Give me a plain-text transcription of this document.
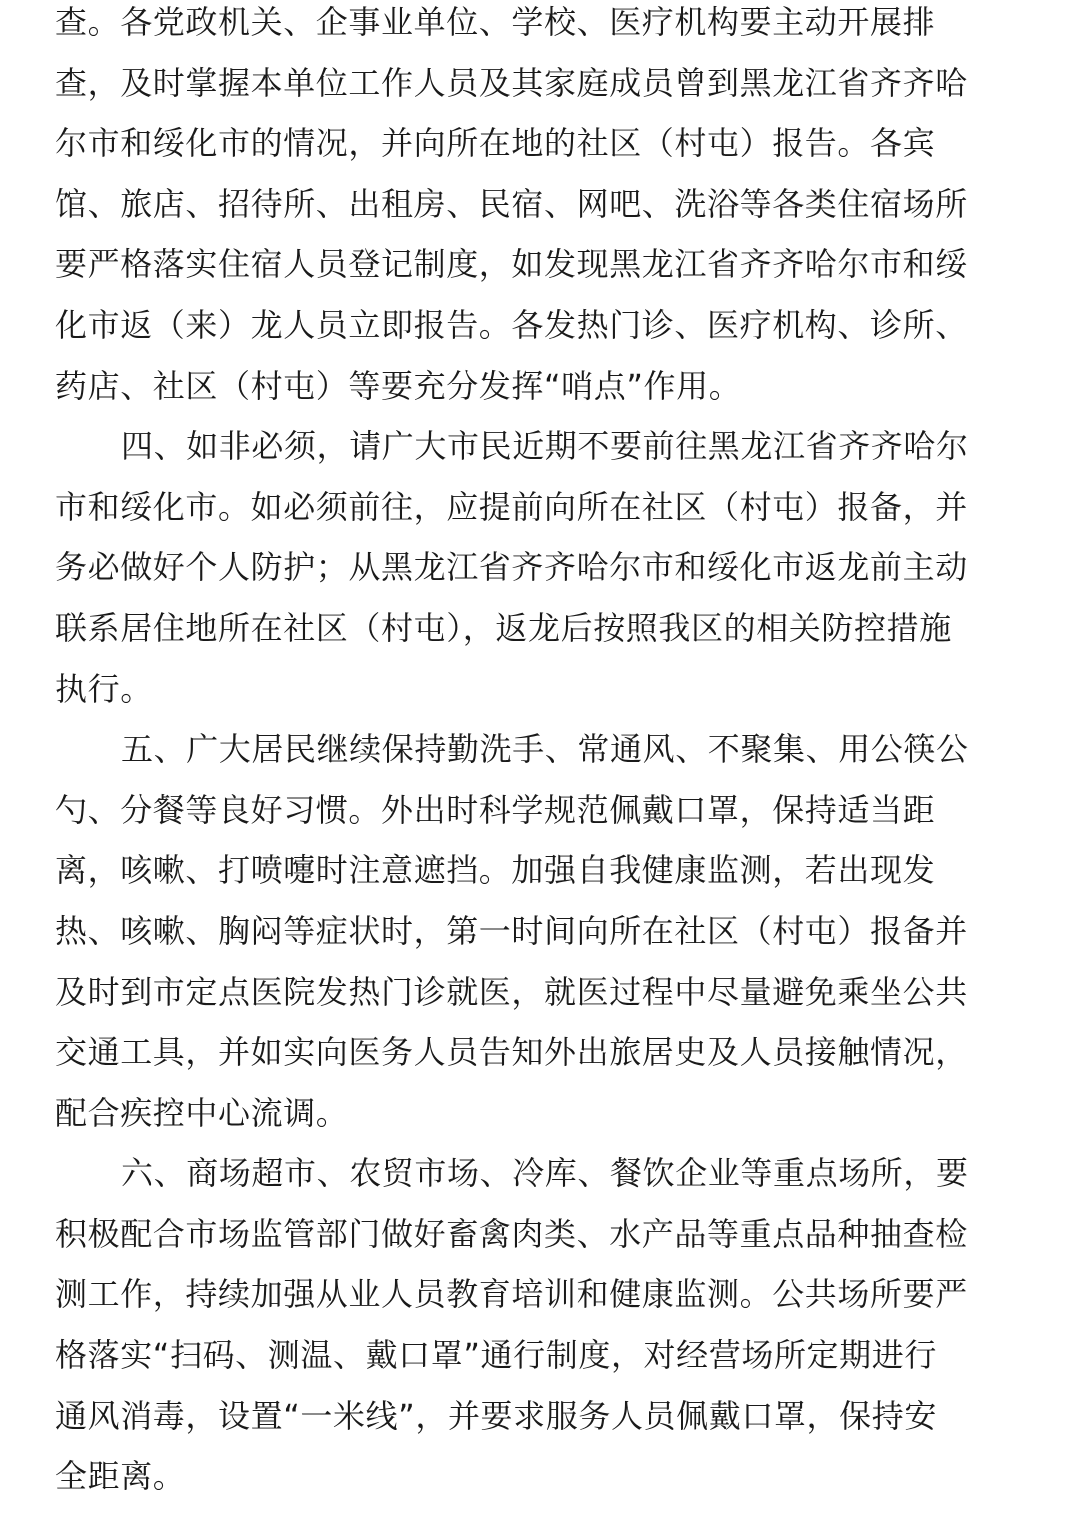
查。各党政机关、企事业单位、学校、医疗机构要主动开展排
查，及时掌握本单位工作人员及其家庭成员曾到黑龙江省齐齐哈
尔市和绥化市的情况，并向所在地的社区（村屯）报告。各宾
馆、旅店、招待所、出租房、民宿、网吧、洗浴等各类住宿场所
要严格落实住宿人员登记制度，如发现黑龙江省齐齐哈尔市和绥
化市返（来）龙人员立即报告。各发热门诊、医疗机构、诊所、
药店、社区（村屯）等要充分发挥“哨点”作用。
四、如非必须，请广大市民近期不要前往黑龙江省齐齐哈尔
市和绥化市。如必须前往，应提前向所在社区（村屯）报备，并
务必做好个人防护；从黑龙江省齐齐哈尔市和绥化市返龙前主动
联系居住地所在社区（村屯），返龙后按照我区的相关防控措施
执行。
五、广大居民继续保持勤洗手、常通风、不聚集、用公筷公
勺、分餐等良好习惯。外出时科学规范佩戴口罩，保持适当距
离，咳嗽、打喷嚏时注意遮挡。加强自我健康监测，若出现发
热、咳嗽、胸闷等症状时，第一时间向所在社区（村屯）报备并
及时到市定点医院发热门诊就医，就医过程中尽量避免乘坐公共
交通工具，并如实向医务人员告知外出旅居史及人员接触情况，
配合疾控中心流调。
六、商场超市、农贸市场、冷库、餐饮企业等重点场所，要
积极配合市场监管部门做好畜禽肉类、水产品等重点品种抽查检
测工作，持续加强从业人员教育培训和健康监测。公共场所要严
格落实“扫码、测温、戴口罩”通行制度，对经营场所定期进行
通风消毒，设置“一米线”，并要求服务人员佩戴口罩，保持安
全距离。
